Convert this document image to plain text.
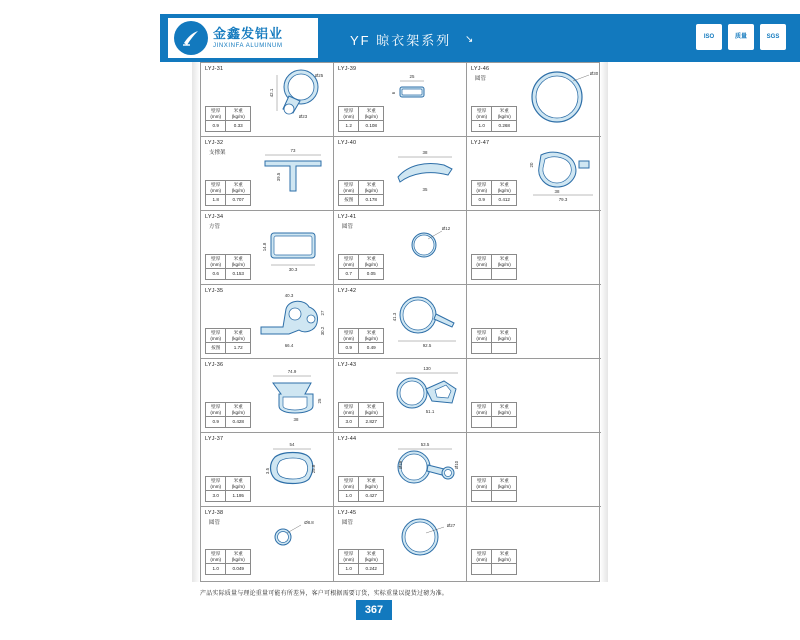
金鑫发铝业
JINXINFA ALUMINUM	YF 晾衣架系列 ↘	ISO	质量	SGS
LYJ-31
壁厚
(mm)	米重
(kg/m)
0.9	0.33
42.1
Ø25
Ø23
LYJ-32
支撑架
壁厚
(mm)	米重
(kg/m)
1.8	0.707
73
39.5
LYJ-34
方管
壁厚
(mm)	米重
(kg/m)
0.6	0.153
30.3
14.8
LYJ-35
壁厚
(mm)	米重
(kg/m)
按图	1.72
40.3
66.4
27
30.2
LYJ-36
壁厚
(mm)	米重
(kg/m)
0.9	0.428
74.9
38
25
LYJ-37
壁厚
(mm)	米重
(kg/m)
3.0	1.195
54
25.8
3.5
LYJ-38
圆管
壁厚
(mm)	米重
(kg/m)
1.0	0.049
Ø8.8
LYJ-39
壁厚
(mm)	米重
(kg/m)
1.2	0.108
25
6
LYJ-40
壁厚
(mm)	米重
(kg/m)
按图	0.178
38
35
LYJ-41
圆管
壁厚
(mm)	米重
(kg/m)
0.7	0.05
Ø12
LYJ-42
壁厚
(mm)	米重
(kg/m)
0.9	0.49	92.5
41.3
LYJ-43
壁厚
(mm)	米重
(kg/m)
3.0	2.827
130
51.1
LYJ-44
壁厚
(mm)	米重
(kg/m)
1.0	0.427
53.5
Ø38	Ø10
LYJ-45
圆管
壁厚
(mm)	米重
(kg/m)
1.0	0.242
Ø27
LYJ-46
圆管
壁厚
(mm)	米重
(kg/m)
1.0	0.268
Ø30
LYJ-47
壁厚
(mm)	米重
(kg/m)
0.9	0.412	79.3
38
20
壁厚
(mm)	米重
(kg/m)

壁厚
(mm)	米重
(kg/m)

壁厚
(mm)	米重
(kg/m)

壁厚
(mm)	米重
(kg/m)

壁厚
(mm)	米重
(kg/m)

产品实际质量与理论重量可能有所差异，客户可根据需要订货，实标重量以提货过磅为准。
367
